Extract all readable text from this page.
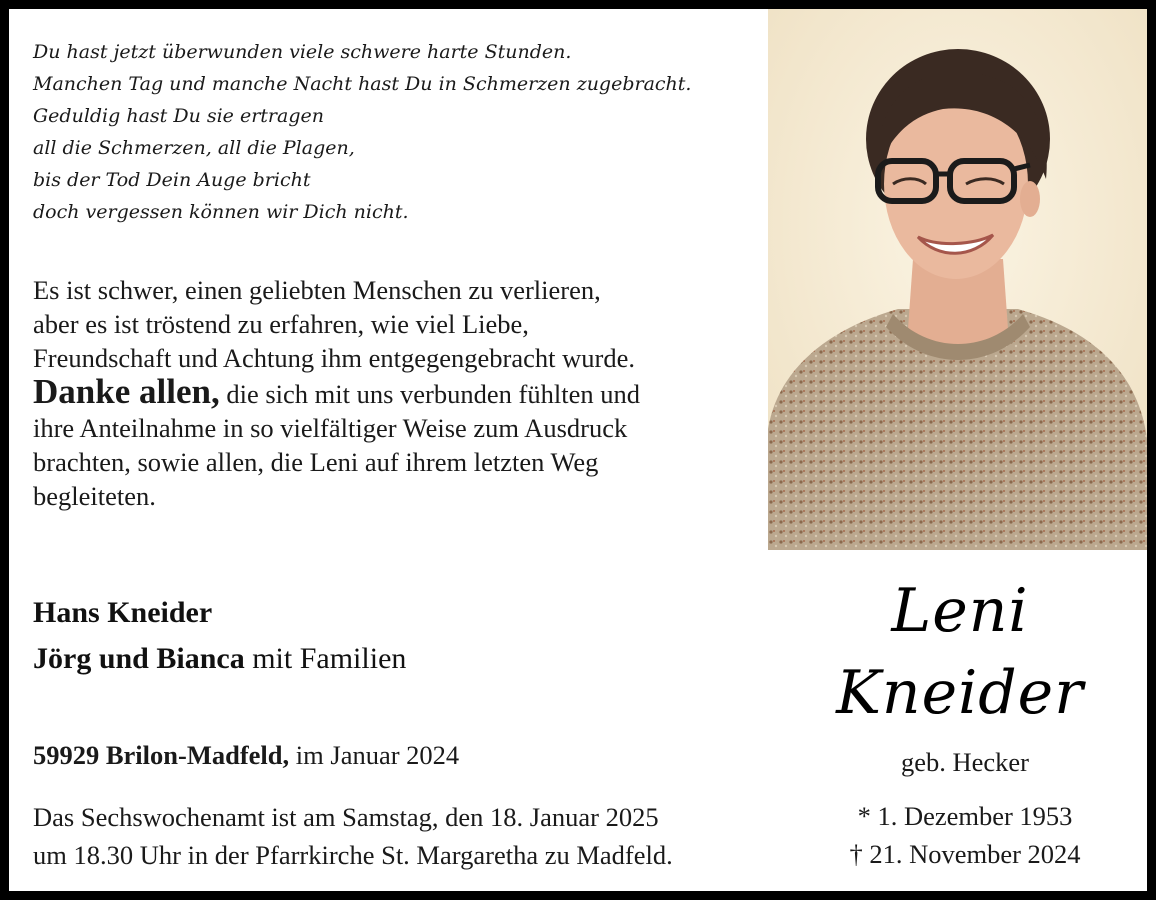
Du hast jetzt überwunden viele schwere harte Stunden.
Manchen Tag und manche Nacht hast Du in Schmerzen zugebracht.
Geduldig hast Du sie ertragen
all die Schmerzen, all die Plagen,
bis der Tod Dein Auge bricht
doch vergessen können wir Dich nicht.
Es ist schwer, einen geliebten Menschen zu verlieren,
aber es ist tröstend zu erfahren, wie viel Liebe,
Freundschaft und Achtung ihm entgegengebracht wurde.
Danke allen, die sich mit uns verbunden fühlten und
ihre Anteilnahme in so vielfältiger Weise zum Ausdruck
brachten, sowie allen, die Leni auf ihrem letzten Weg
begleiteten.
Hans Kneider
Jörg und Bianca mit Familien
59929 Brilon-Madfeld, im Januar 2024
Das Sechswochenamt ist am Samstag, den 18. Januar 2025
um 18.30 Uhr in der Pfarrkirche St. Margaretha zu Madfeld.
Leni
Kneider
geb. Hecker
* 1. Dezember 1953
† 21. November 2024
